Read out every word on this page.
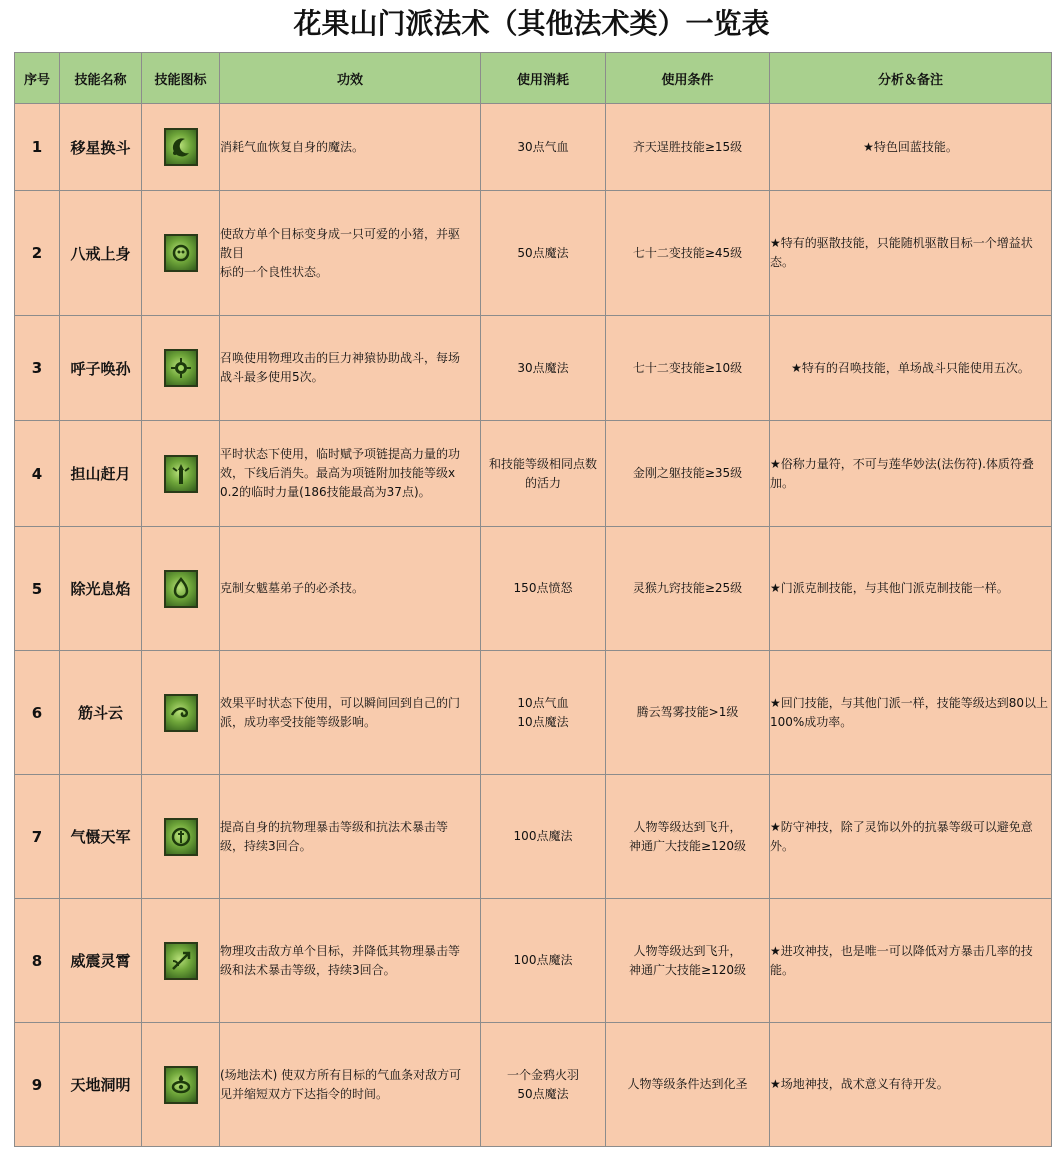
花果山门派法术（其他法术类）一览表
序号	技能名称	技能图标	功效	使用消耗	使用条件	分析＆备注
1	移星换斗		消耗气血恢复自身的魔法。	30点气血	齐天逞胜技能≥15级	★特色回蓝技能。
2	八戒上身		使敌方单个目标变身成一只可爱的小猪，并驱
散目
标的一个良性状态。	50点魔法	七十二变技能≥45级	★特有的驱散技能，只能随机驱散目标一个增益状态。
3	呼子唤孙		召唤使用物理攻击的巨力神猿协助战斗，每场
战斗最多使用5次。	30点魔法	七十二变技能≥10级	★特有的召唤技能，单场战斗只能使用五次。
4	担山赶月		平时状态下使用，临时赋予项链提高力量的功
效，下线后消失。最高为项链附加技能等级x
0.2的临时力量(186技能最高为37点)。	和技能等级相同点数
的活力	金刚之躯技能≥35级	★俗称力量符，不可与莲华妙法(法伤符).体质符叠加。
5	除光息焰		克制女魃墓弟子的必杀技。	150点愤怒	灵猴九窍技能≥25级	★门派克制技能，与其他门派克制技能一样。
6	筋斗云		效果平时状态下使用，可以瞬间回到自己的门
派，成功率受技能等级影响。	10点气血
10点魔法	腾云驾雾技能>1级	★回门技能，与其他门派一样，技能等级达到80以上100%成功率。
7	气慑天军		提高自身的抗物理暴击等级和抗法术暴击等
级，持续3回合。	100点魔法	人物等级达到飞升，
神通广大技能≥120级	★防守神技，除了灵饰以外的抗暴等级可以避免意外。
8	威震灵霄		物理攻击敌方单个目标，并降低其物理暴击等
级和法术暴击等级，持续3回合。	100点魔法	人物等级达到飞升，
神通广大技能≥120级	★进攻神技，也是唯一可以降低对方暴击几率的技能。
9	天地洞明		(场地法术) 使双方所有目标的气血条对敌方可
见并缩短双方下达指令的时间。	一个金鸦火羽
50点魔法	人物等级条件达到化圣	★场地神技，战术意义有待开发。
